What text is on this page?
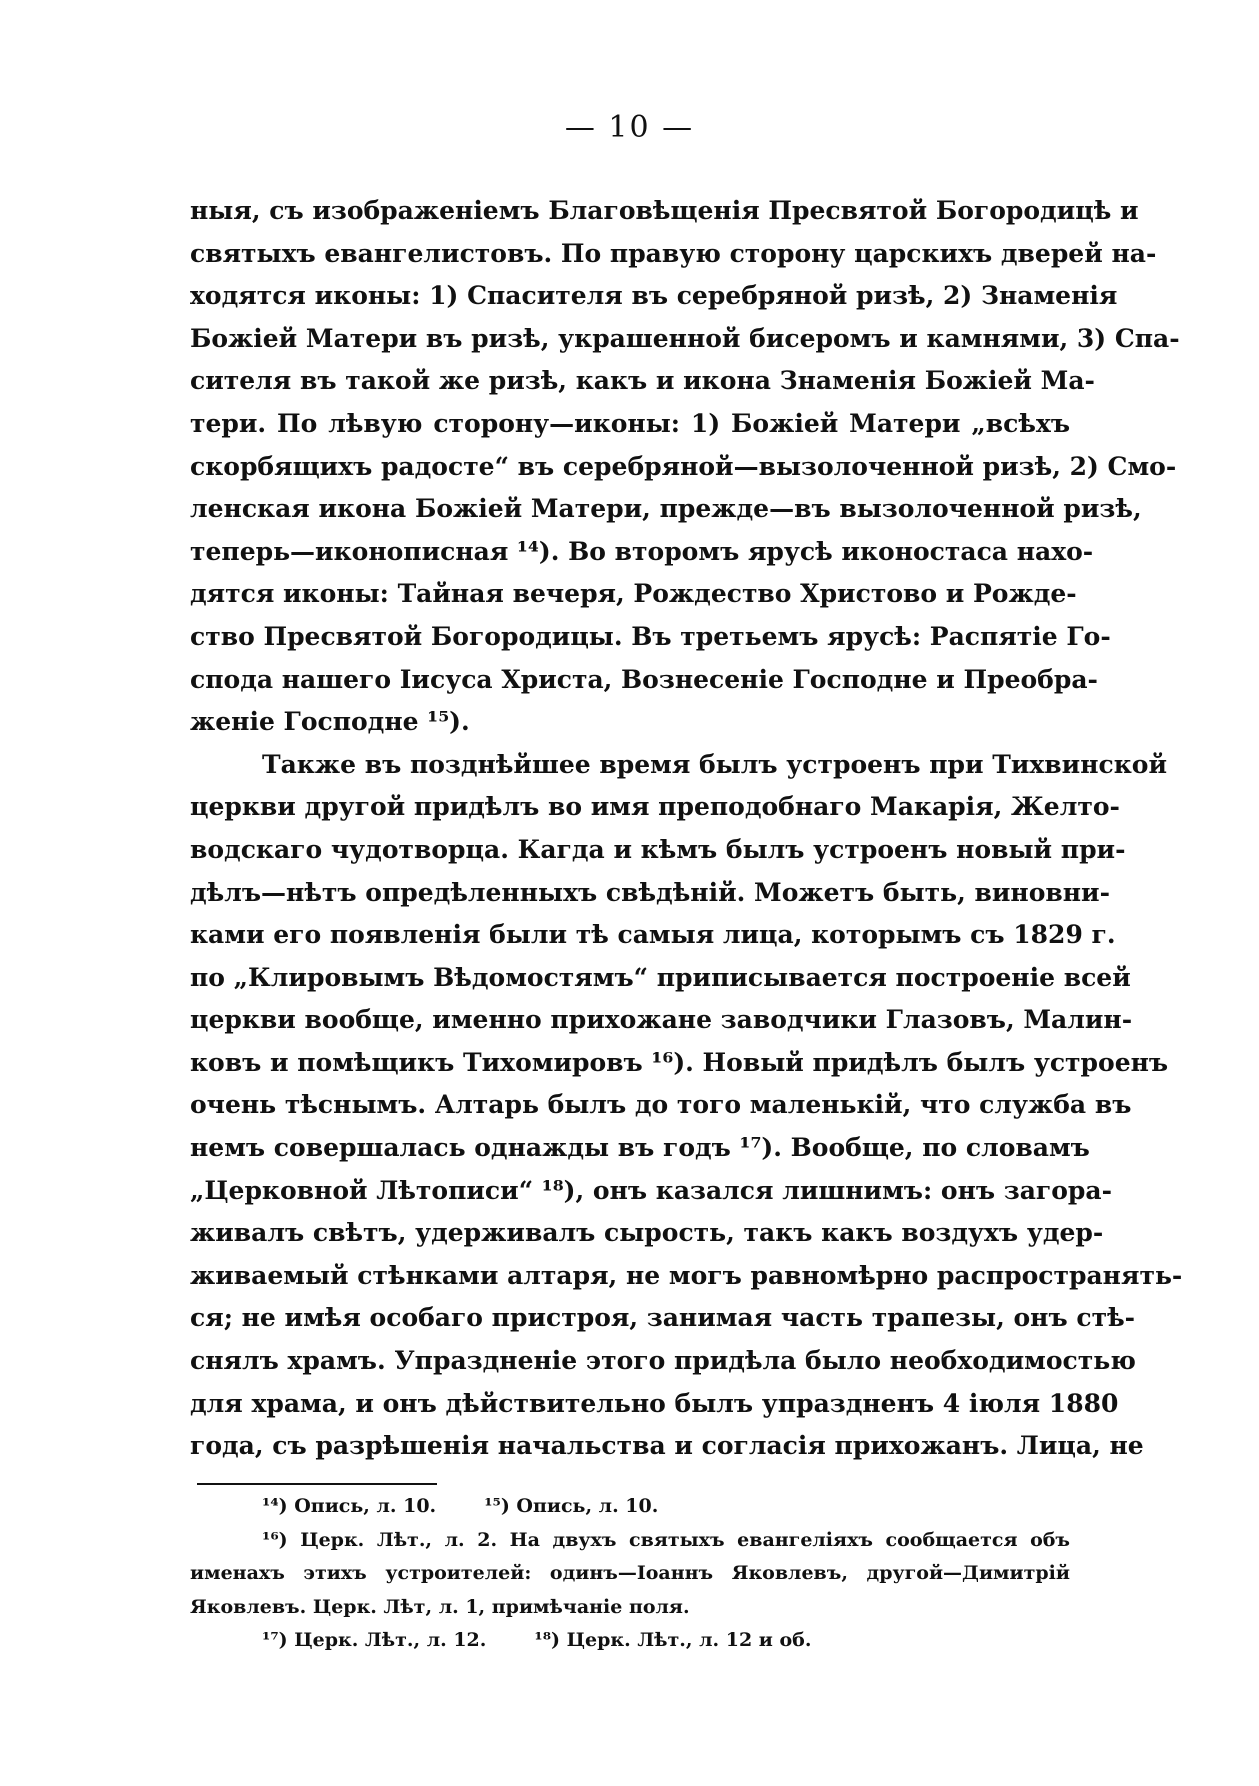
— 10 —
ныя, съ изображеніемъ Благовѣщенія Пресвятой Богородицѣ и
святыхъ евангелистовъ. По правую сторону царскихъ дверей на-
ходятся иконы: 1) Спасителя въ серебряной ризѣ, 2) Знаменія
Божіей Матери въ ризѣ, украшенной бисеромъ и камнями, 3) Спа-
сителя въ такой же ризѣ, какъ и икона Знаменія Божіей Ма-
тери. По лѣвую сторону—иконы: 1) Божіей Матери „всѣхъ
скорбящихъ радосте“ въ серебряной—вызолоченной ризѣ, 2) Смо-
ленская икона Божіей Матери, прежде—въ вызолоченной ризѣ,
теперь—иконописная ¹⁴). Во второмъ ярусѣ иконостаса нахо-
дятся иконы: Тайная вечеря, Рождество Христово и Рожде-
ство Пресвятой Богородицы. Въ третьемъ ярусѣ: Распятіе Го-
спода нашего Іисуса Христа, Вознесеніе Господне и Преобра-
женіе Господне ¹⁵).
Также въ позднѣйшее время былъ устроенъ при Тихвинской
церкви другой придѣлъ во имя преподобнаго Макарія, Желто-
водскаго чудотворца. Кагда и кѣмъ былъ устроенъ новый при-
дѣлъ—нѣтъ опредѣленныхъ свѣдѣній. Можетъ быть, виновни-
ками его появленія были тѣ самыя лица, которымъ съ 1829 г.
по „Клировымъ Вѣдомостямъ“ приписывается построеніе всей
церкви вообще, именно прихожане заводчики Глазовъ, Малин-
ковъ и помѣщикъ Тихомировъ ¹⁶). Новый придѣлъ былъ устроенъ
очень тѣснымъ. Алтарь былъ до того маленькій, что служба въ
немъ совершалась однажды въ годъ ¹⁷). Вообще, по словамъ
„Церковной Лѣтописи“ ¹⁸), онъ казался лишнимъ: онъ загора-
живалъ свѣтъ, удерживалъ сырость, такъ какъ воздухъ удер-
живаемый стѣнками алтаря, не могъ равномѣрно распространять-
ся; не имѣя особаго пристроя, занимая часть трапезы, онъ стѣ-
снялъ храмъ. Упраздненіе этого придѣла было необходимостью
для храма, и онъ дѣйствительно былъ упраздненъ 4 іюля 1880
года, съ разрѣшенія начальства и согласія прихожанъ. Лица, не
¹⁴) Опись, л. 10.	¹⁵) Опись, л. 10.
¹⁶) Церк. Лѣт., л. 2. На двухъ святыхъ евангеліяхъ сообщается объ
именахъ этихъ устроителей: одинъ—Іоаннъ Яковлевъ, другой—Димитрій
Яковлевъ. Церк. Лѣт, л. 1, примѣчаніе поля.
¹⁷) Церк. Лѣт., л. 12.	¹⁸) Церк. Лѣт., л. 12 и об.
